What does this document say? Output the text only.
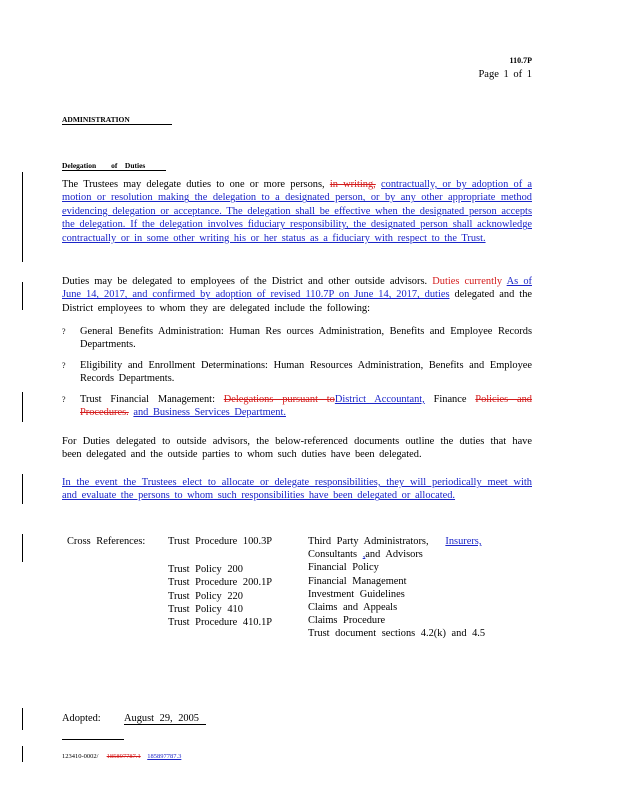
110.7P
Page 1 of 1
ADMINISTRATION
Delegation of Duties
The Trustees may delegate duties to one or more persons, in writing, contractually, or by adoption of a motion or resolution making the delegation to a designated person, or by any other appropriate method evidencing delegation or acceptance. The delegation shall be effective when the designated person accepts the delegation. If the delegation involves fiduciary responsibility, the designated person shall acknowledge contractually or in some other writing his or her status as a fiduciary with respect to the Trust.
Duties may be delegated to employees of the District and other outside advisors. Duties currently As of June 14, 2017, and confirmed by adoption of revised 110.7P on June 14, 2017, duties delegated and the District employees to whom they are delegated include the following:
? General Benefits Administration: Human Res ources Administration, Benefits and Employee Records Departments.
? Eligibility and Enrollment Determinations: Human Resources Administration, Benefits and Employee Records Departments.
? Trust Financial Management: Delegations pursuant toDistrict Accountant, Finance Policies and Procedures. and Business Services Department.
For Duties delegated to outside advisors, the below-referenced documents outline the duties that have been delegated and the outside parties to whom such duties have been delegated.
In the event the Trustees elect to allocate or delegate responsibilities, they will periodically meet with and evaluate the persons to whom such responsibilities have been delegated or allocated.
Cross References: Trust Procedure 100.3P
Trust Policy 200
Trust Procedure 200.1P
Trust Policy 220
Trust Policy 410
Trust Procedure 410.1P
Third Party Administrators, Insurers,
Consultants ,and Advisors
Financial Policy
Financial Management
Investment Guidelines
Claims and Appeals
Claims Procedure
Trust document sections 4.2(k) and 4.5
Adopted: August 29, 2005
123410-0002/ 185897787.1 185897787.3
